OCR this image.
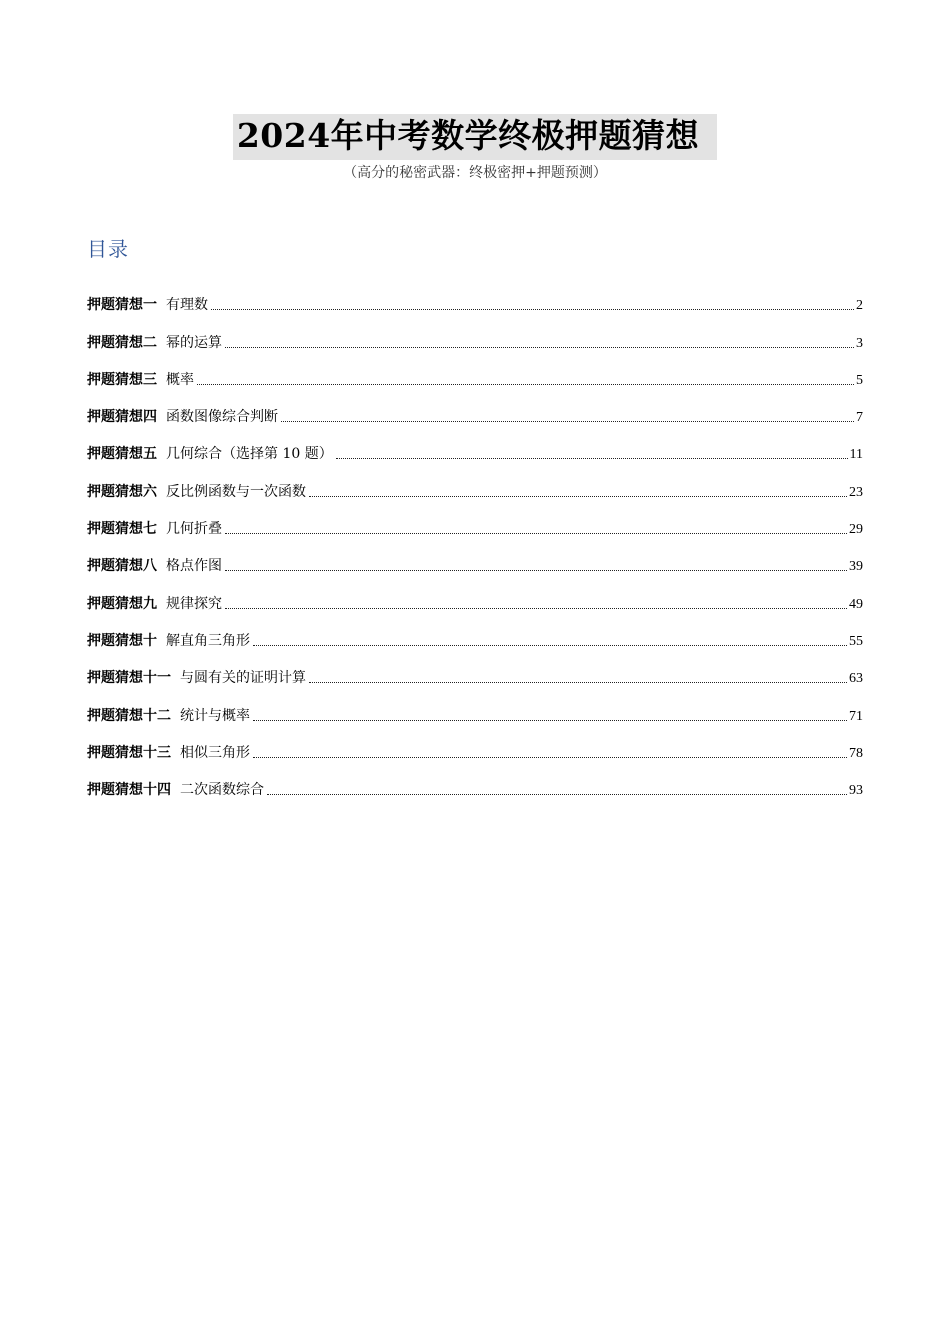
2024年中考数学终极押题猜想
（高分的秘密武器：终极密押+押题预测）
目录
押题猜想一 有理数	2
押题猜想二 幂的运算	3
押题猜想三 概率	5
押题猜想四 函数图像综合判断	7
押题猜想五 几何综合（选择第 10 题）	11
押题猜想六 反比例函数与一次函数	23
押题猜想七 几何折叠	29
押题猜想八 格点作图	39
押题猜想九 规律探究	49
押题猜想十 解直角三角形	55
押题猜想十一 与圆有关的证明计算	63
押题猜想十二 统计与概率	71
押题猜想十三 相似三角形	78
押题猜想十四 二次函数综合	93
